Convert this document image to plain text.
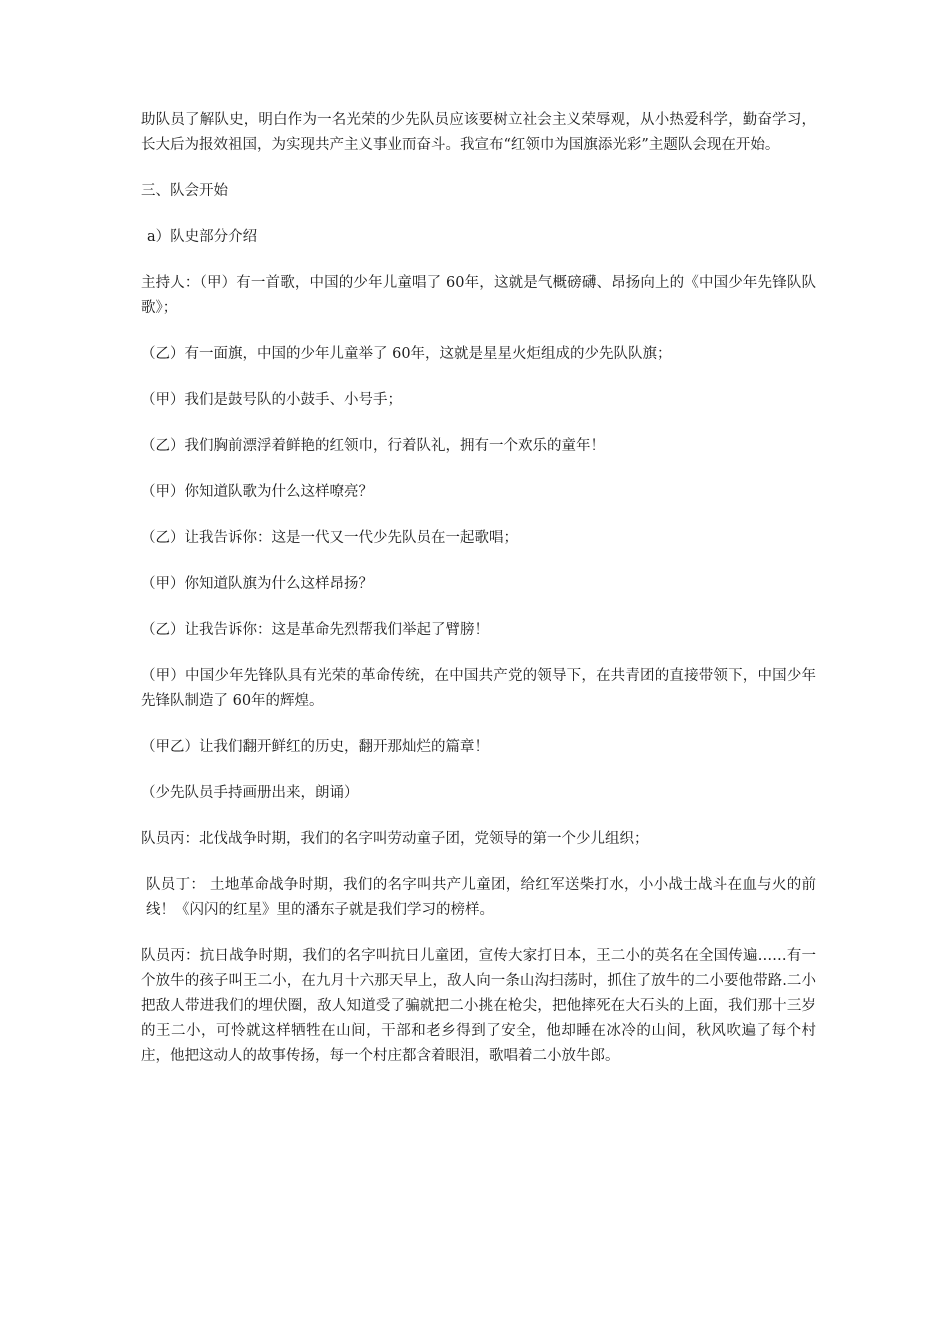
助队员了解队史，明白作为一名光荣的少先队员应该要树立社会主义荣辱观，从小热爱科学，勤奋学习，长大后为报效祖国，为实现共产主义事业而奋斗。我宣布“红领巾为国旗添光彩”主题队会现在开始。

三、队会开始

a）队史部分介绍

主持人：（甲）有一首歌，中国的少年儿童唱了 60年，这就是气概磅礴、昂扬向上的《中国少年先锋队队歌》；

（乙）有一面旗，中国的少年儿童举了 60年，这就是星星火炬组成的少先队队旗；

（甲）我们是鼓号队的小鼓手、小号手；

（乙）我们胸前漂浮着鲜艳的红领巾，行着队礼，拥有一个欢乐的童年！

（甲）你知道队歌为什么这样嘹亮？

（乙）让我告诉你：这是一代又一代少先队员在一起歌唱；

（甲）你知道队旗为什么这样昂扬？

（乙）让我告诉你：这是革命先烈帮我们举起了臂膀！

（甲）中国少年先锋队具有光荣的革命传统，在中国共产党的领导下，在共青团的直接带领下，中国少年先锋队制造了 60年的辉煌。

（甲乙）让我们翻开鲜红的历史，翻开那灿烂的篇章！

（少先队员手持画册出来，朗诵）

队员丙：北伐战争时期，我们的名字叫劳动童子团，党领导的第一个少儿组织；

队员丁： 土地革命战争时期，我们的名字叫共产儿童团，给红军送柴打水，小小战士战斗在血与火的前线！《闪闪的红星》里的潘东子就是我们学习的榜样。

队员丙：抗日战争时期，我们的名字叫抗日儿童团，宣传大家打日本，王二小的英名在全国传遍……有一个放牛的孩子叫王二小，在九月十六那天早上，敌人向一条山沟扫荡时，抓住了放牛的二小要他带路.二小把敌人带进我们的埋伏圈，敌人知道受了骗就把二小挑在枪尖，把他摔死在大石头的上面，我们那十三岁的王二小，可怜就这样牺牲在山间，干部和老乡得到了安全，他却睡在冰冷的山间，秋风吹遍了每个村庄，他把这动人的故事传扬，每一个村庄都含着眼泪，歌唱着二小放牛郎。
